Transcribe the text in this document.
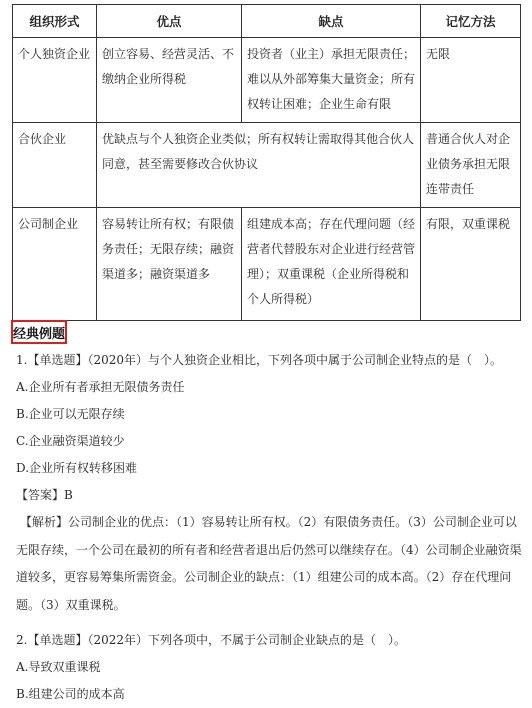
组织形式	优点	缺点	记忆方法
个人独资企业	创立容易、经营灵活、不缴纳企业所得税	投资者（业主）承担无限责任；难以从外部筹集大量资金；所有权转让困难；企业生命有限	无限
合伙企业	优缺点与个人独资企业类似；所有权转让需取得其他合伙人同意，甚至需要修改合伙协议		普通合伙人对企业债务承担无限连带责任
公司制企业	容易转让所有权；有限债务责任；无限存续；融资渠道多；融资渠道多	组建成本高；存在代理问题（经营者代替股东对企业进行经营管理）；双重课税（企业所得税和个人所得税）	有限，双重课税
经典例题
1.【单选题】（2020年）与个人独资企业相比，下列各项中属于公司制企业特点的是（　）。
A.企业所有者承担无限债务责任
B.企业可以无限存续
C.企业融资渠道较少
D.企业所有权转移困难
【答案】B
【解析】公司制企业的优点：（1）容易转让所有权。（2）有限债务责任。（3）公司制企业可以无限存续，一个公司在最初的所有者和经营者退出后仍然可以继续存在。（4）公司制企业融资渠道较多，更容易筹集所需资金。公司制企业的缺点：（1）组建公司的成本高。（2）存在代理问题。（3）双重课税。
2.【单选题】（2022年）下列各项中，不属于公司制企业缺点的是（　）。
A.导致双重课税
B.组建公司的成本高
